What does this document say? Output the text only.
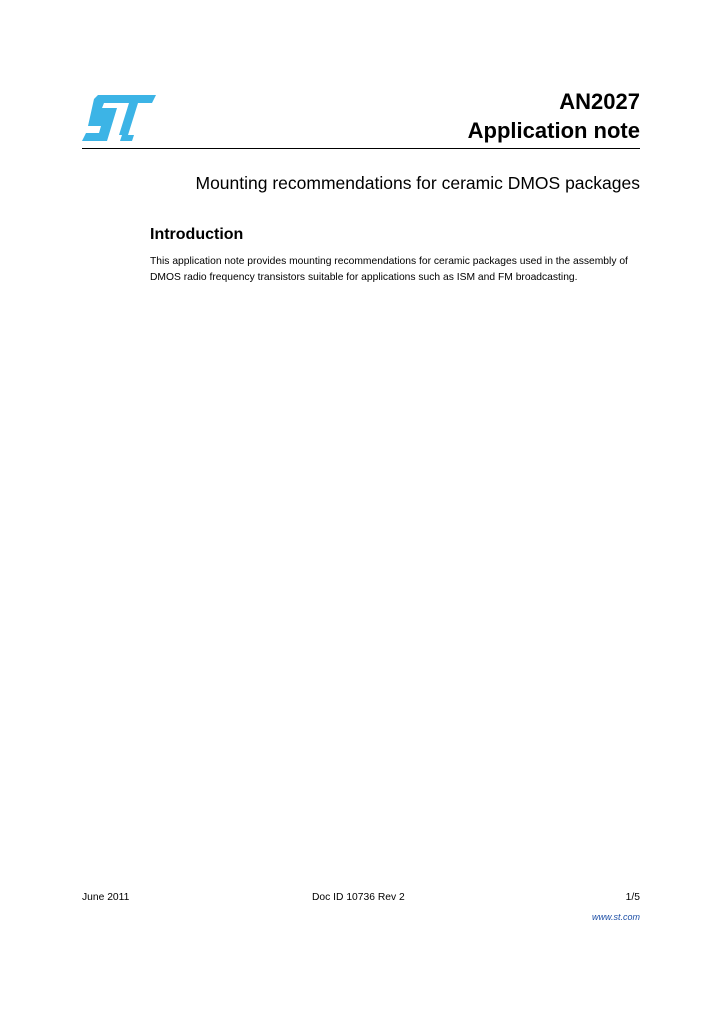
AN2027
Application note
Mounting recommendations for ceramic DMOS packages
Introduction

This application note provides mounting recommendations for ceramic packages used in the assembly of DMOS radio frequency transistors suitable for applications such as ISM and FM broadcasting.

June 2011	Doc ID 10736 Rev 2	1/5
www.st.com
